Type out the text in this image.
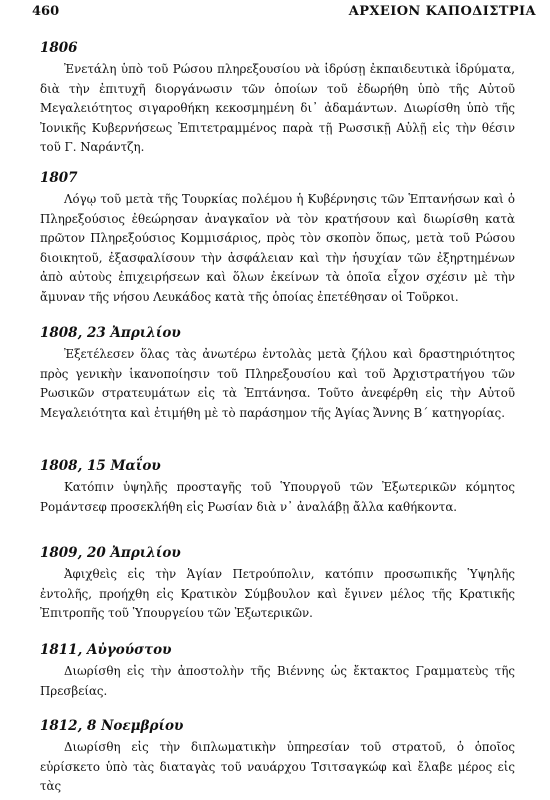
460	ΑΡΧΕΙΟΝ ΚΑΠΟΔΙΣΤΡΙΑ
1806

Ἐνετάλη ὑπὸ τοῦ Ρώσου πληρεξουσίου νὰ ἱδρύσῃ ἐκπαιδευτικὰ ἱδρύματα, διὰ τὴν ἐπιτυχῆ διοργάνωσιν τῶν ὁποίων τοῦ ἐδωρήθη ὑπὸ τῆς Αὐτοῦ Μεγαλειότητος σιγαροθήκη κεκοσμημένη δι᾽ ἀδαμάντων. Διωρίσθη ὑπὸ τῆς Ἰονικῆς Κυβερνήσεως Ἐπιτετραμμένος παρὰ τῇ Ρωσσικῇ Αὐλῇ εἰς τὴν θέσιν τοῦ Γ. Ναράντζη.

1807

Λόγῳ τοῦ μετὰ τῆς Τουρκίας πολέμου ἡ Κυβέρνησις τῶν Ἑπτανήσων καὶ ὁ Πληρεξούσιος ἐθεώρησαν ἀναγκαῖον νὰ τὸν κρατήσουν καὶ διωρίσθη κατὰ πρῶτον Πληρεξούσιος Κομμισάριος, πρὸς τὸν σκοπὸν ὅπως, μετὰ τοῦ Ρώσου διοικητοῦ, ἐξασφαλίσουν τὴν ἀσφάλειαν καὶ τὴν ἡσυχίαν τῶν ἐξηρτημένων ἀπὸ αὐτοὺς ἐπιχειρήσεων καὶ ὅλων ἐκείνων τὰ ὁποῖα εἶχον σχέσιν μὲ τὴν ἄμυναν τῆς νήσου Λευκάδος κατὰ τῆς ὁποίας ἐπετέθησαν οἱ Τοῦρκοι.

1808, 23 Ἀπριλίου

Ἐξετέλεσεν ὅλας τὰς ἀνωτέρω ἐντολὰς μετὰ ζήλου καὶ δραστηριότητος πρὸς γενικὴν ἱκανοποίησιν τοῦ Πληρεξουσίου καὶ τοῦ Ἀρχιστρατήγου τῶν Ρωσικῶν στρατευμάτων εἰς τὰ Ἑπτάνησα. Τοῦτο ἀνεφέρθη εἰς τὴν Αὐτοῦ Μεγαλειότητα καὶ ἐτιμήθη μὲ τὸ παράσημον τῆς Ἁγίας Ἄννης Β´ κατηγορίας.

1808, 15 Μαΐου

Κατόπιν ὑψηλῆς προσταγῆς τοῦ Ὑπουργοῦ τῶν Ἐξωτερικῶν κόμητος Ρομάντσεφ προσεκλήθη εἰς Ρωσίαν διὰ ν᾽ ἀναλάβῃ ἄλλα καθήκοντα.

1809, 20 Ἀπριλίου

Ἀφιχθεὶς εἰς τὴν Ἁγίαν Πετρούπολιν, κατόπιν προσωπικῆς Ὑψηλῆς ἐντολῆς, προήχθη εἰς Κρατικὸν Σύμβουλον καὶ ἔγινεν μέλος τῆς Κρατικῆς Ἐπιτροπῆς τοῦ Ὑπουργείου τῶν Ἐξωτερικῶν.

1811, Αὐγούστου

Διωρίσθη εἰς τὴν ἀποστολὴν τῆς Βιέννης ὡς ἔκτακτος Γραμματεὺς τῆς Πρεσβείας.

1812, 8 Νοεμβρίου

Διωρίσθη εἰς τὴν διπλωματικὴν ὑπηρεσίαν τοῦ στρατοῦ, ὁ ὁποῖος εὑρίσκετο ὑπὸ τὰς διαταγὰς τοῦ ναυάρχου Τσιτσαγκώφ καὶ ἔλαβε μέρος εἰς τὰς
